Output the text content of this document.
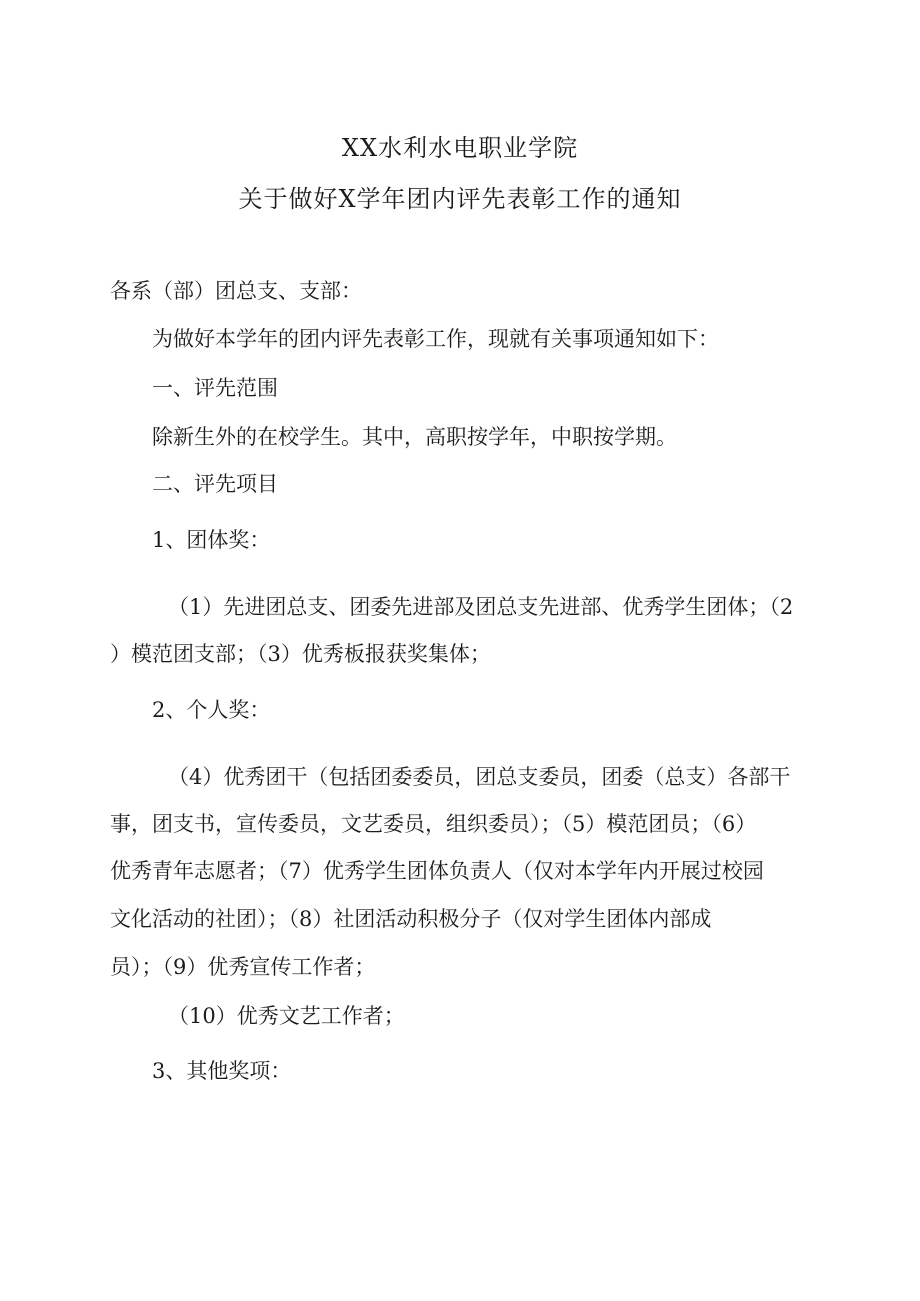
XX水利水电职业学院
关于做好X学年团内评先表彰工作的通知
各系（部）团总支、支部：
为做好本学年的团内评先表彰工作，现就有关事项通知如下：
一、评先范围
除新生外的在校学生。其中，高职按学年，中职按学期。
二、评先项目
1、团体奖：
（1）先进团总支、团委先进部及团总支先进部、优秀学生团体；（2
）模范团支部；（3）优秀板报获奖集体；
2、个人奖：
（4）优秀团干（包括团委委员，团总支委员，团委（总支）各部干
事，团支书，宣传委员，文艺委员，组织委员）；（5）模范团员；（6）
优秀青年志愿者；（7）优秀学生团体负责人（仅对本学年内开展过校园
文化活动的社团）；（8）社团活动积极分子（仅对学生团体内部成
员）；（9）优秀宣传工作者；
（10）优秀文艺工作者；
3、其他奖项：
